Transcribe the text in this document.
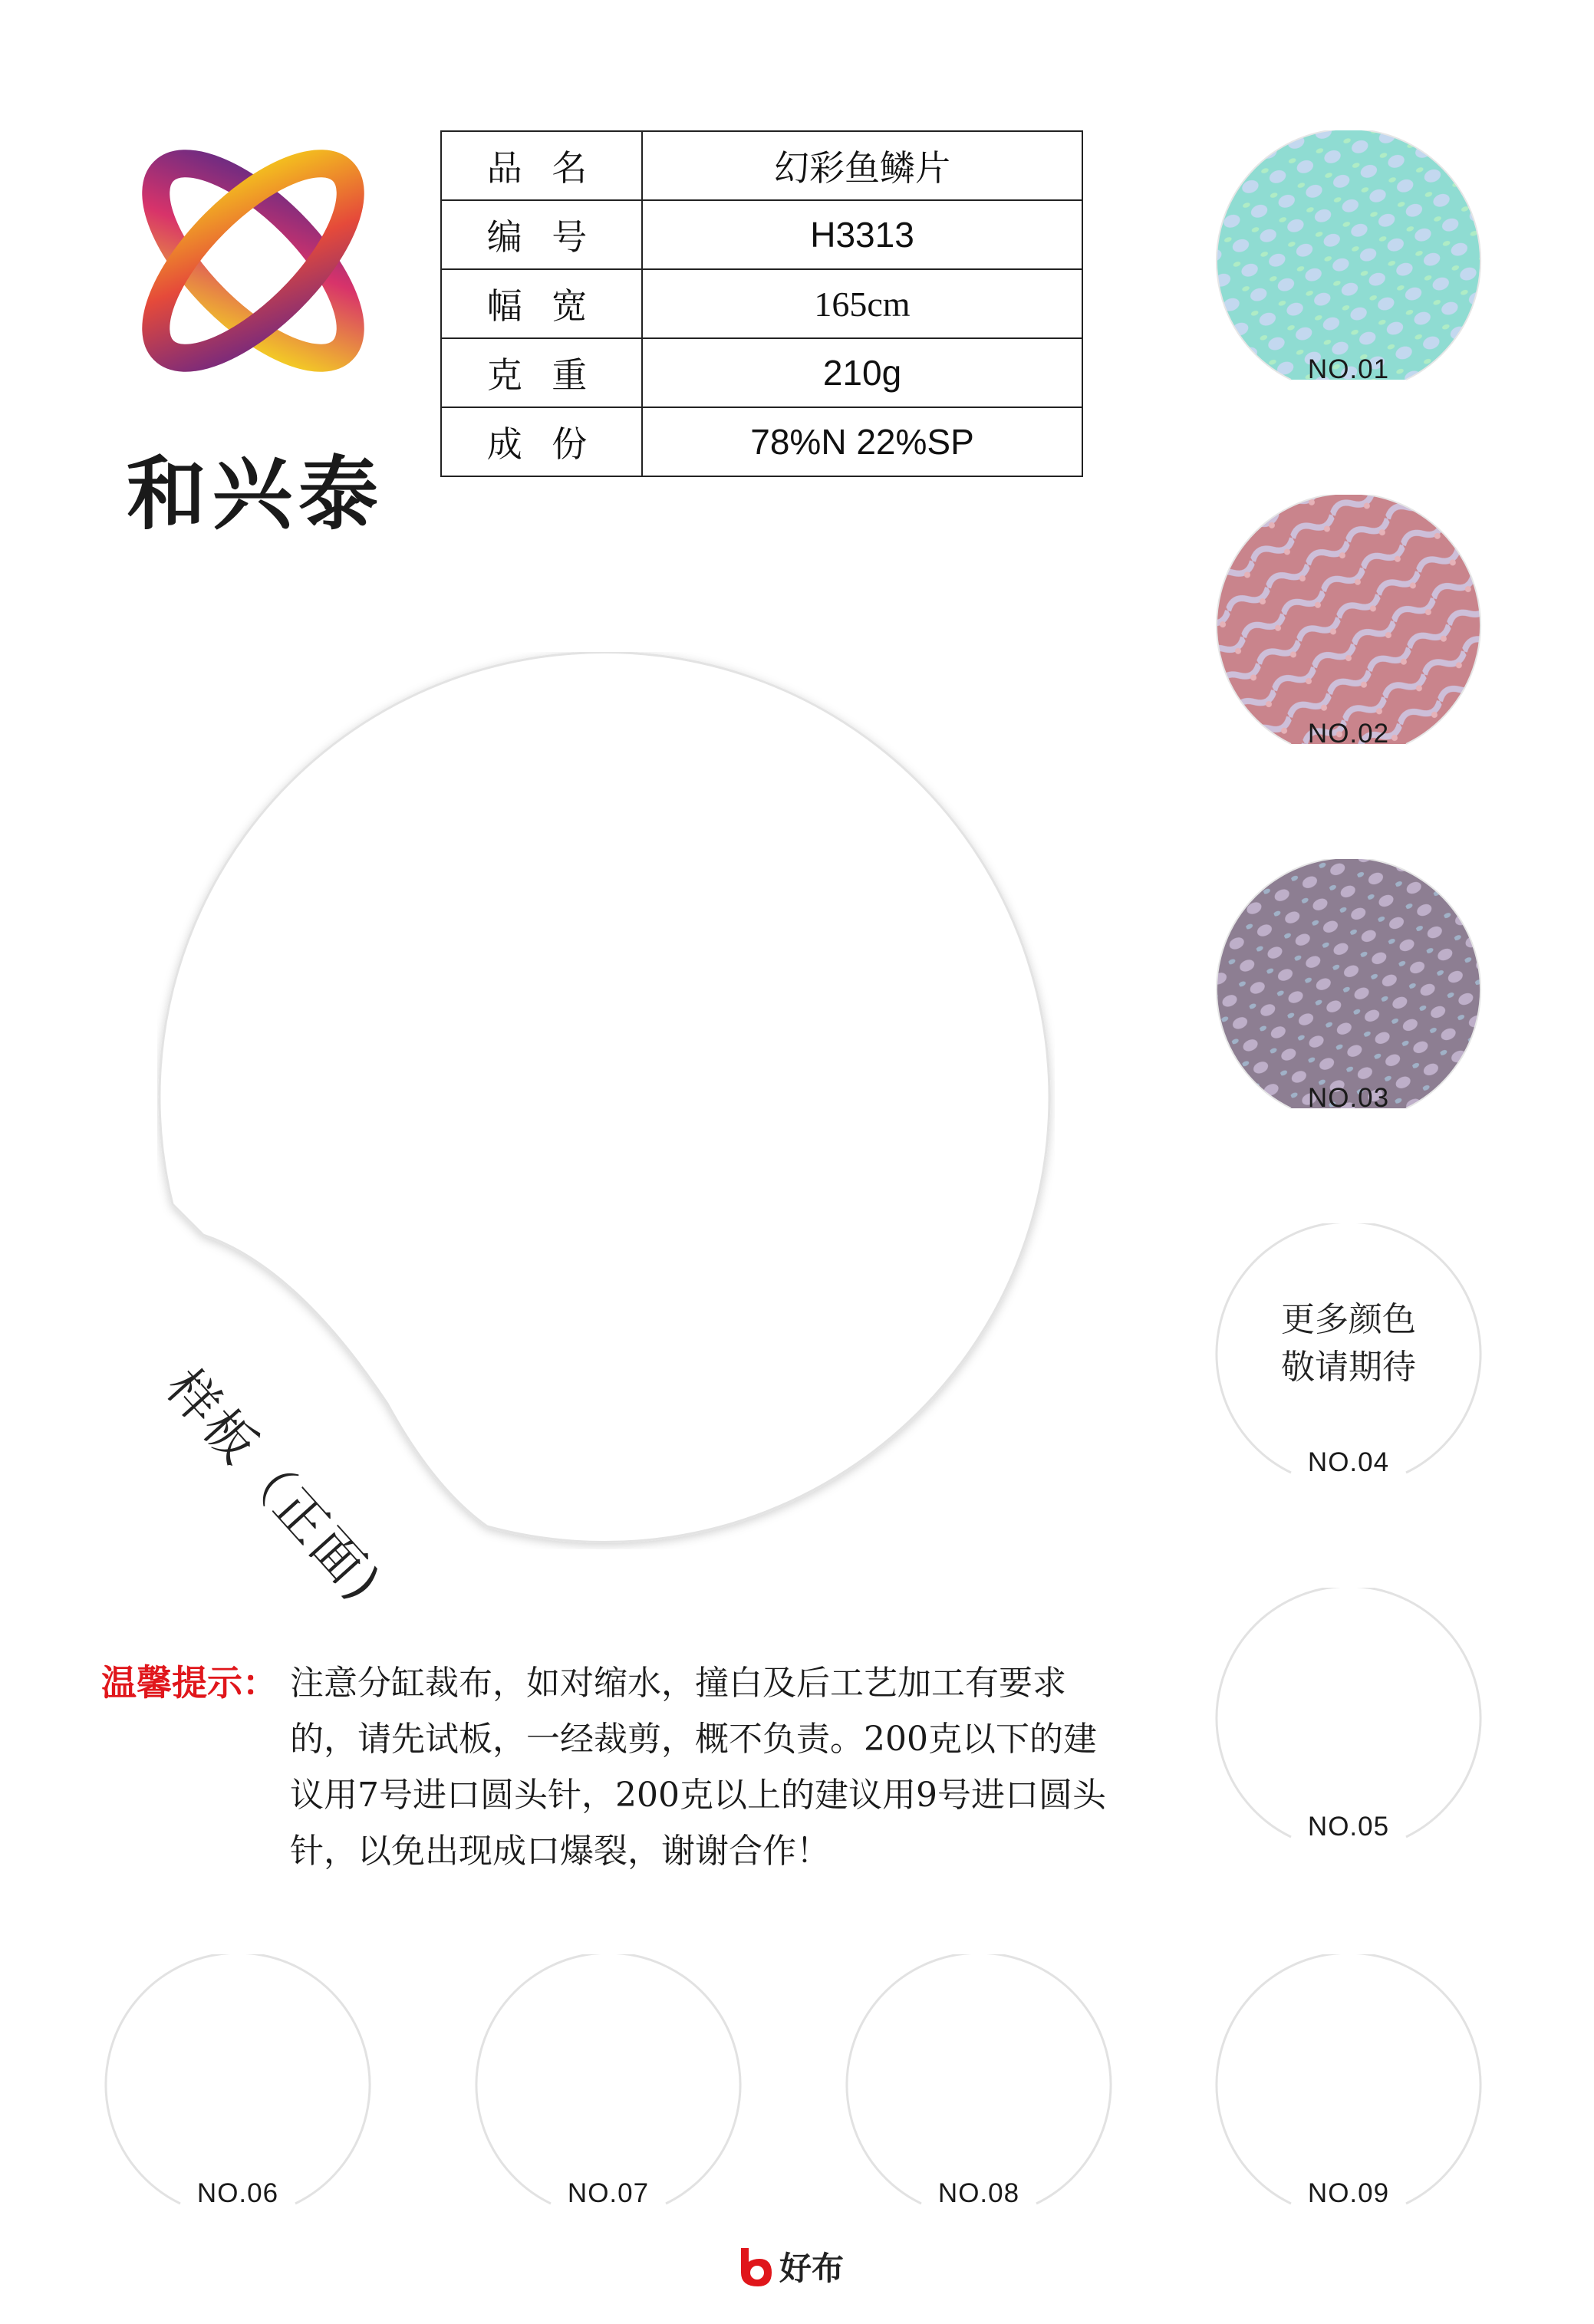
和兴泰
品 名	幻彩鱼鳞片
编 号	H3313
幅 宽	165cm
克 重	210g
成 份	78%N 22%SP
样板（正面)
NO.01
NO.02
NO.03
更多颜色
敬请期待
NO.04
NO.05
NO.06	NO.07	NO.08	NO.09
温馨提示： 注意分缸裁布，如对缩水，撞白及后工艺加工有要求的，请先试板，一经裁剪，概不负责。200克以下的建议用7号进口圆头针，200克以上的建议用9号进口圆头针，以免出现成口爆裂，谢谢合作！
好布
